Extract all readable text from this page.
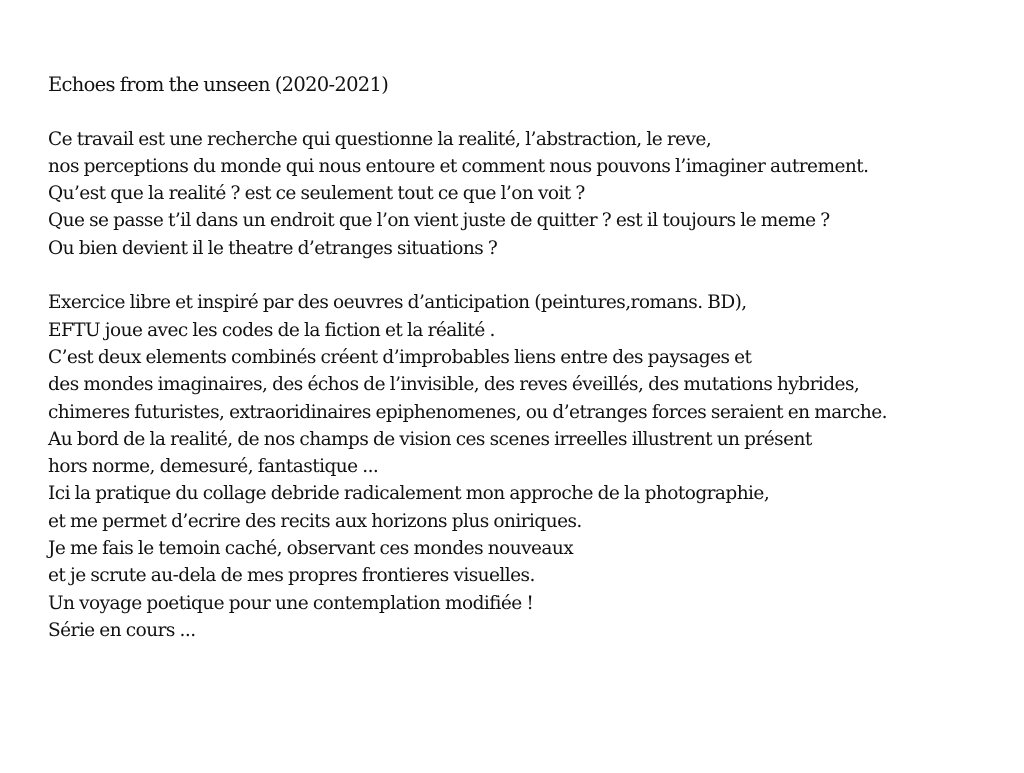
Echoes from the unseen (2020-2021)
Ce travail est une recherche qui questionne la realité, l’abstraction, le reve,
nos perceptions du monde qui nous entoure et comment nous pouvons l’imaginer autrement.
Qu’est que la realité ? est ce seulement tout ce que l’on voit ?
Que se passe t’il dans un endroit que l’on vient juste de quitter ? est il toujours le meme ?
Ou bien devient il le theatre d’etranges situations ?
Exercice libre et inspiré par des oeuvres d’anticipation (peintures,romans. BD),
EFTU joue avec les codes de la fiction et la réalité .
C’est deux elements combinés créent d’improbables liens entre des paysages et
des mondes imaginaires, des échos de l’invisible, des reves éveillés, des mutations hybrides,
chimeres futuristes, extraoridinaires epiphenomenes, ou d’etranges forces seraient en marche.
Au bord de la realité, de nos champs de vision ces scenes irreelles illustrent un présent
hors norme, demesuré, fantastique ...
Ici la pratique du collage debride radicalement mon approche de la photographie,
et me permet d’ecrire des recits aux horizons plus oniriques.
Je me fais le temoin caché, observant ces mondes nouveaux
et je scrute au-dela de mes propres frontieres visuelles.
Un voyage poetique pour une contemplation modifiée !
Série en cours ...
